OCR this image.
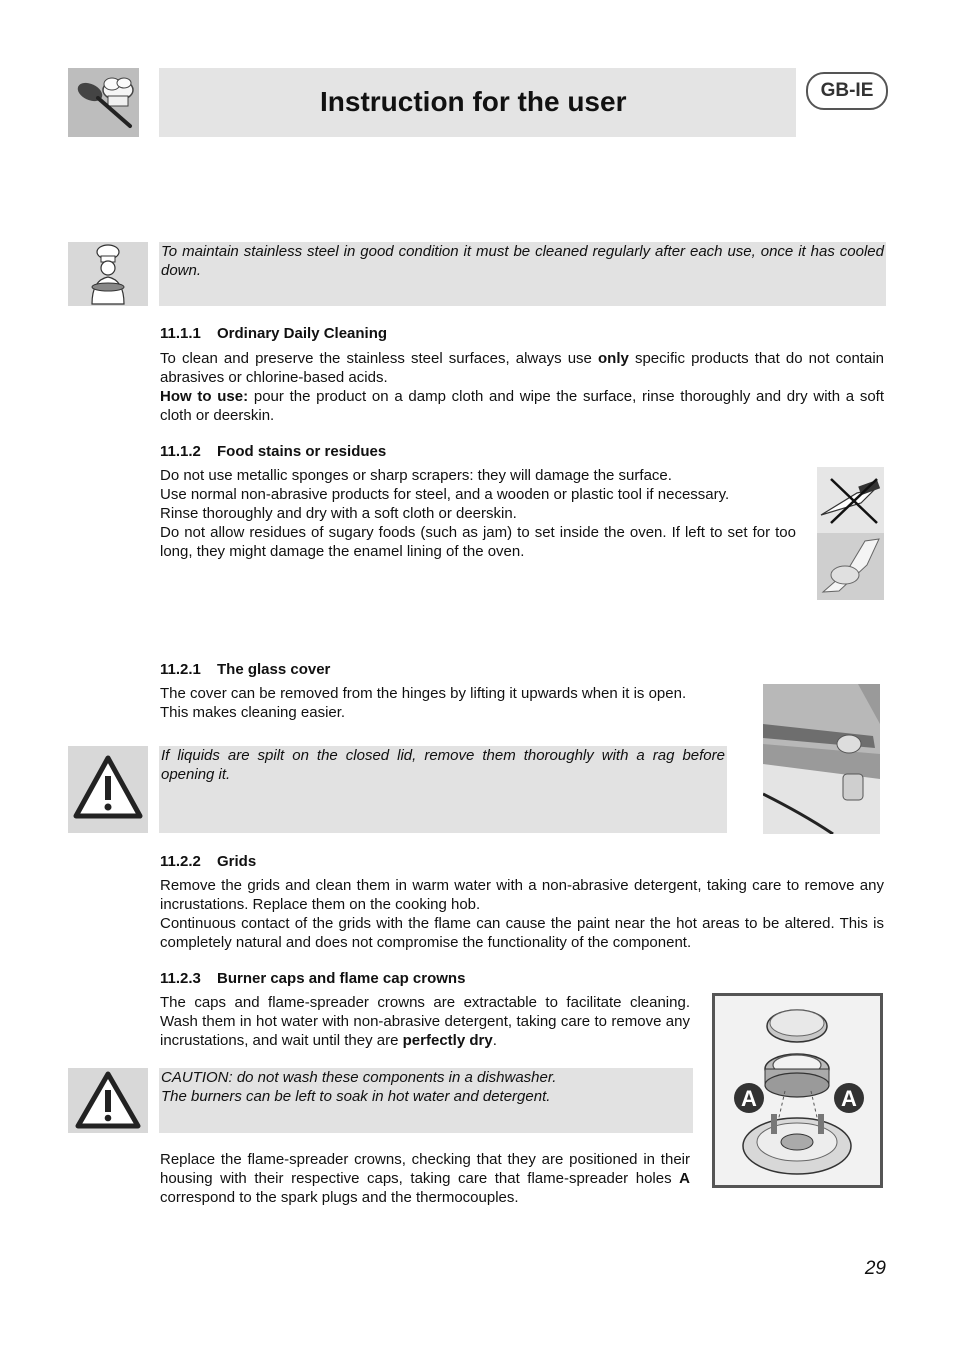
Instruction for the user	GB-IE

To maintain stainless steel in good condition it must be cleaned regularly after each use, once it has cooled down.

11.1.1 Ordinary Daily Cleaning

To clean and preserve the stainless steel surfaces, always use only specific products that do not contain abrasives or chlorine-based acids.

How to use: pour the product on a damp cloth and wipe the surface, rinse thoroughly and dry with a soft cloth or deerskin.

11.1.2 Food stains or residues

Do not use metallic sponges or sharp scrapers: they will damage the surface.

Use normal non-abrasive products for steel, and a wooden or plastic tool if necessary.

Rinse thoroughly and dry with a soft cloth or deerskin.

Do not allow residues of sugary foods (such as jam) to set inside the oven. If left to set for too long, they might damage the enamel lining of the oven.

11.2.1 The glass cover

The cover can be removed from the hinges by lifting it upwards when it is open.

This makes cleaning easier.

If liquids are spilt on the closed lid, remove them thoroughly with a rag before opening it.

11.2.2 Grids

Remove the grids and clean them in warm water with a non-abrasive detergent, taking care to remove any incrustations. Replace them on the cooking hob.

Continuous contact of the grids with the flame can cause the paint near the hot areas to be altered. This is completely natural and does not compromise the functionality of the component.

11.2.3 Burner caps and flame cap crowns

The caps and flame-spreader crowns are extractable to facilitate cleaning. Wash them in hot water with non-abrasive detergent, taking care to remove any incrustations, and wait until they are perfectly dry.

CAUTION: do not wash these components in a dishwasher.

The burners can be left to soak in hot water and detergent.

Replace the flame-spreader crowns, checking that they are positioned in their housing with their respective caps, taking care that flame-spreader holes A correspond to the spark plugs and the thermocouples.

A	A
29
